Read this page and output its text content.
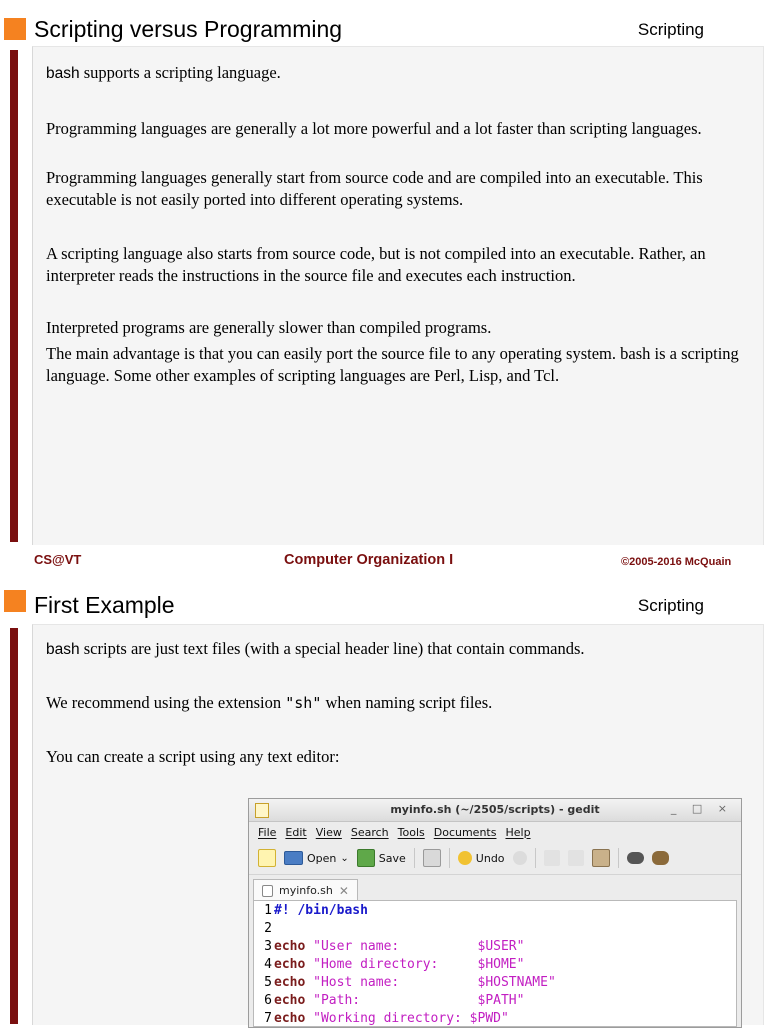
Scripting versus Programming	Scripting
bash supports a scripting language.
Programming languages are generally a lot more powerful and a lot faster than scripting languages.
Programming languages generally start from source code and are compiled into an executable. This executable is not easily ported into different operating systems.
A scripting language also starts from source code, but is not compiled into an executable. Rather, an interpreter reads the instructions in the source file and executes each instruction.
Interpreted programs are generally slower than compiled programs.
The main advantage is that you can easily port the source file to any operating system. bash is a scripting language. Some other examples of scripting languages are Perl, Lisp, and Tcl.
CS@VT	Computer Organization I	©2005-2016 McQuain
First Example	Scripting
bash scripts are just text files (with a special header line) that contain commands.
We recommend using the extension "sh" when naming script files.
You can create a script using any text editor:
myinfo.sh (~/2505/scripts) - gedit	_ □ ×
File Edit View Search Tools Documents Help
Open ⌄	Save	Undo
myinfo.sh ✕
1 #! /bin/bash
2
3 echo "User name:          $USER"
4 echo "Home directory:     $HOME"
5 echo "Host name:          $HOSTNAME"
6 echo "Path:               $PATH"
7 echo "Working directory: $PWD"
